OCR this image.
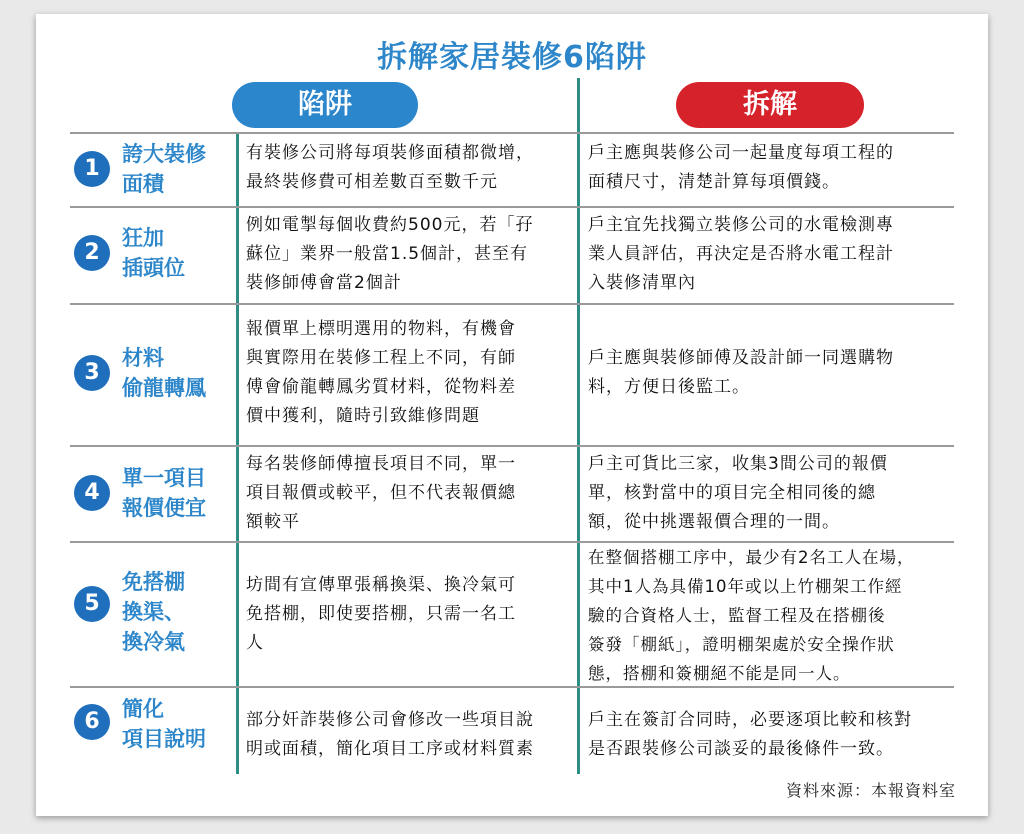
拆解家居裝修6陷阱
陷阱	拆解
1
誇大裝修
面積
有裝修公司將每項裝修面積都微增，
最終裝修費可相差數百至數千元
戶主應與裝修公司一起量度每項工程的
面積尺寸，清楚計算每項價錢。
2
狂加
插頭位
例如電掣每個收費約500元，若「孖
蘇位」業界一般當1.5個計，甚至有
裝修師傅會當2個計
戶主宜先找獨立裝修公司的水電檢測專
業人員評估，再決定是否將水電工程計
入裝修清單內
3
材料
偷龍轉鳳
報價單上標明選用的物料，有機會
與實際用在裝修工程上不同，有師
傅會偷龍轉鳳劣質材料，從物料差
價中獲利，隨時引致維修問題
戶主應與裝修師傅及設計師一同選購物
料，方便日後監工。
4
單一項目
報價便宜
每名裝修師傅擅長項目不同，單一
項目報價或較平，但不代表報價總
額較平
戶主可貨比三家，收集3間公司的報價
單，核對當中的項目完全相同後的總
額，從中挑選報價合理的一間。
5
免搭棚
換渠、
換冷氣
坊間有宣傳單張稱換渠、換冷氣可
免搭棚，即使要搭棚，只需一名工
人
在整個搭棚工序中，最少有2名工人在場，
其中1人為具備10年或以上竹棚架工作經
驗的合資格人士，監督工程及在搭棚後
簽發「棚紙」，證明棚架處於安全操作狀
態，搭棚和簽棚絕不能是同一人。
6	簡化
項目說明
部分奸詐裝修公司會修改一些項目說
明或面積，簡化項目工序或材料質素
戶主在簽訂合同時，必要逐項比較和核對
是否跟裝修公司談妥的最後條件一致。
資料來源：本報資料室
